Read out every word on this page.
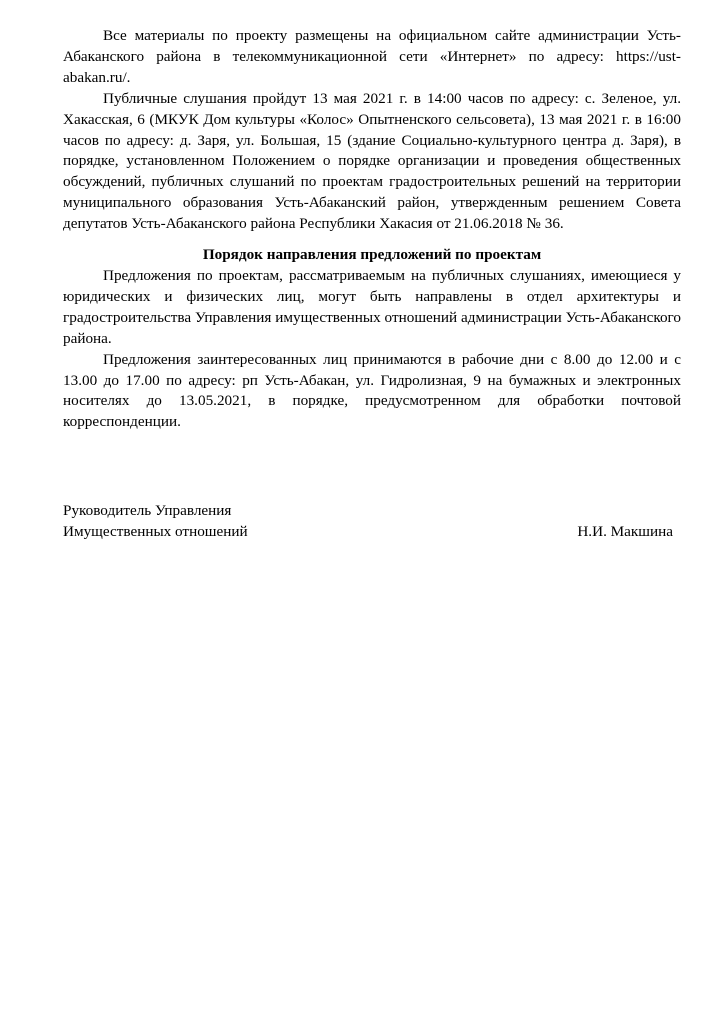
Все материалы по проекту размещены на официальном сайте администрации Усть-Абаканского района в телекоммуникационной сети «Интернет» по адресу: https://ust-abakan.ru/.

Публичные слушания пройдут 13 мая 2021 г. в 14:00 часов по адресу: с. Зеленое, ул. Хакасская, 6 (МКУК Дом культуры «Колос» Опытненского сельсовета), 13 мая 2021 г. в 16:00 часов по адресу: д. Заря, ул. Большая, 15 (здание Социально-культурного центра д. Заря), в порядке, установленном Положением о порядке организации и проведения общественных обсуждений, публичных слушаний по проектам градостроительных решений на территории муниципального образования Усть-Абаканский район, утвержденным решением Совета депутатов Усть-Абаканского района Республики Хакасия от 21.06.2018 № 36.

Порядок направления предложений по проектам

Предложения по проектам, рассматриваемым на публичных слушаниях, имеющиеся у юридических и физических лиц, могут быть направлены в отдел архитектуры и градостроительства Управления имущественных отношений администрации Усть-Абаканского района.

Предложения заинтересованных лиц принимаются в рабочие дни с 8.00 до 12.00 и с 13.00 до 17.00 по адресу: рп Усть-Абакан, ул. Гидролизная, 9 на бумажных и электронных носителях до 13.05.2021, в порядке, предусмотренном для обработки почтовой корреспонденции.

Руководитель Управления
Имущественных отношений	Н.И. Макшина
